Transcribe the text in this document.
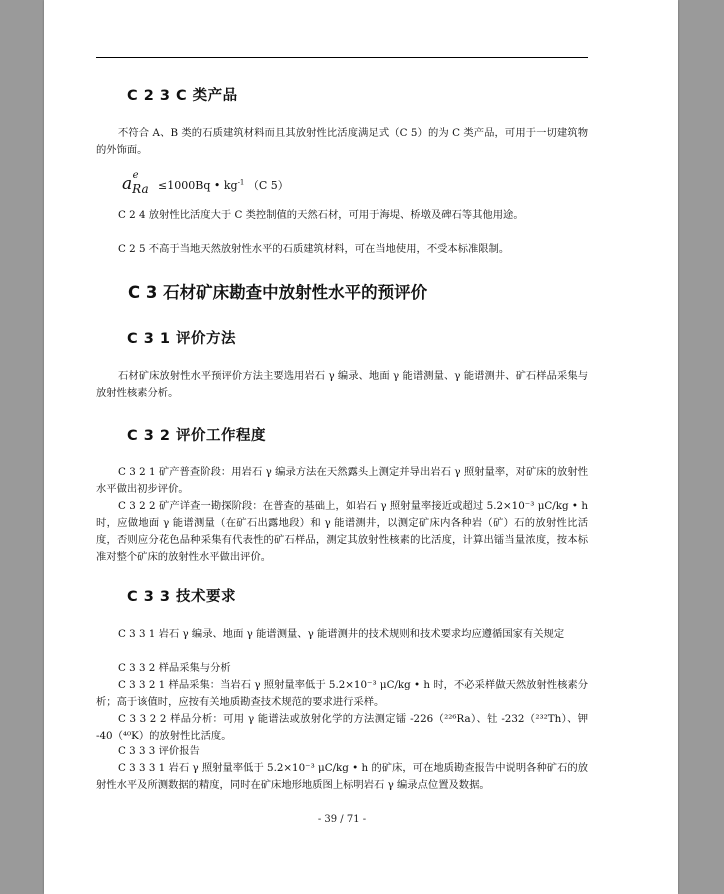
C 2 3 C 类产品
不符合 A、B 类的石质建筑材料而且其放射性比活度满足式（C 5）的为 C 类产品，可用于一切建筑物的外饰面。
aRae ≤1000Bq • $kg^{-1}$ （C 5）
C 2 4 放射性比活度大于 C 类控制值的天然石材，可用于海堤、桥墩及碑石等其他用途。
C 2 5 不高于当地天然放射性水平的石质建筑材料，可在当地使用，不受本标准限制。
C 3 石材矿床勘查中放射性水平的预评价
C 3 1 评价方法
石材矿床放射性水平预评价方法主要选用岩石 γ 编录、地面 γ 能谱测量、γ 能谱测井、矿石样品采集与放射性核素分析。
C 3 2 评价工作程度
C 3 2 1 矿产普查阶段：用岩石 γ 编录方法在天然露头上测定并导出岩石 γ 照射量率，对矿床的放射性水平做出初步评价。
C 3 2 2 矿产详查一勘探阶段：在普查的基础上，如岩石 γ 照射量率接近或超过 5.2×10⁻³ μC/kg • h 时，应做地面 γ 能谱测量（在矿石出露地段）和 γ 能谱测井，以测定矿床内各种岩（矿）石的放射性比活度，否则应分花色品种采集有代表性的矿石样品，测定其放射性核素的比活度，计算出镭当量浓度，按本标准对整个矿床的放射性水平做出评价。
C 3 3 技术要求
C 3 3 1 岩石 γ 编录、地面 γ 能谱测量、γ 能谱测井的技术规则和技术要求均应遵循国家有关规定
C 3 3 2 样品采集与分析
C 3 3 2 1 样品采集：当岩石 γ 照射量率低于 5.2×10⁻³ μC/kg • h 时，不必采样做天然放射性核素分析；高于该值时，应按有关地质勘查技术规范的要求进行采样。
C 3 3 2 2 样品分析：可用 γ 能谱法或放射化学的方法测定镭 -226（²²⁶Ra）、钍 -232（²³²Th）、钾 -40（⁴⁰K）的放射性比活度。
C 3 3 3 评价报告
C 3 3 3 1 岩石 γ 照射量率低于 5.2×10⁻³ μC/kg • h 的矿床，可在地质勘查报告中说明各种矿石的放射性水平及所测数据的精度，同时在矿床地形地质图上标明岩石 γ 编录点位置及数据。
- 39 / 71 -
